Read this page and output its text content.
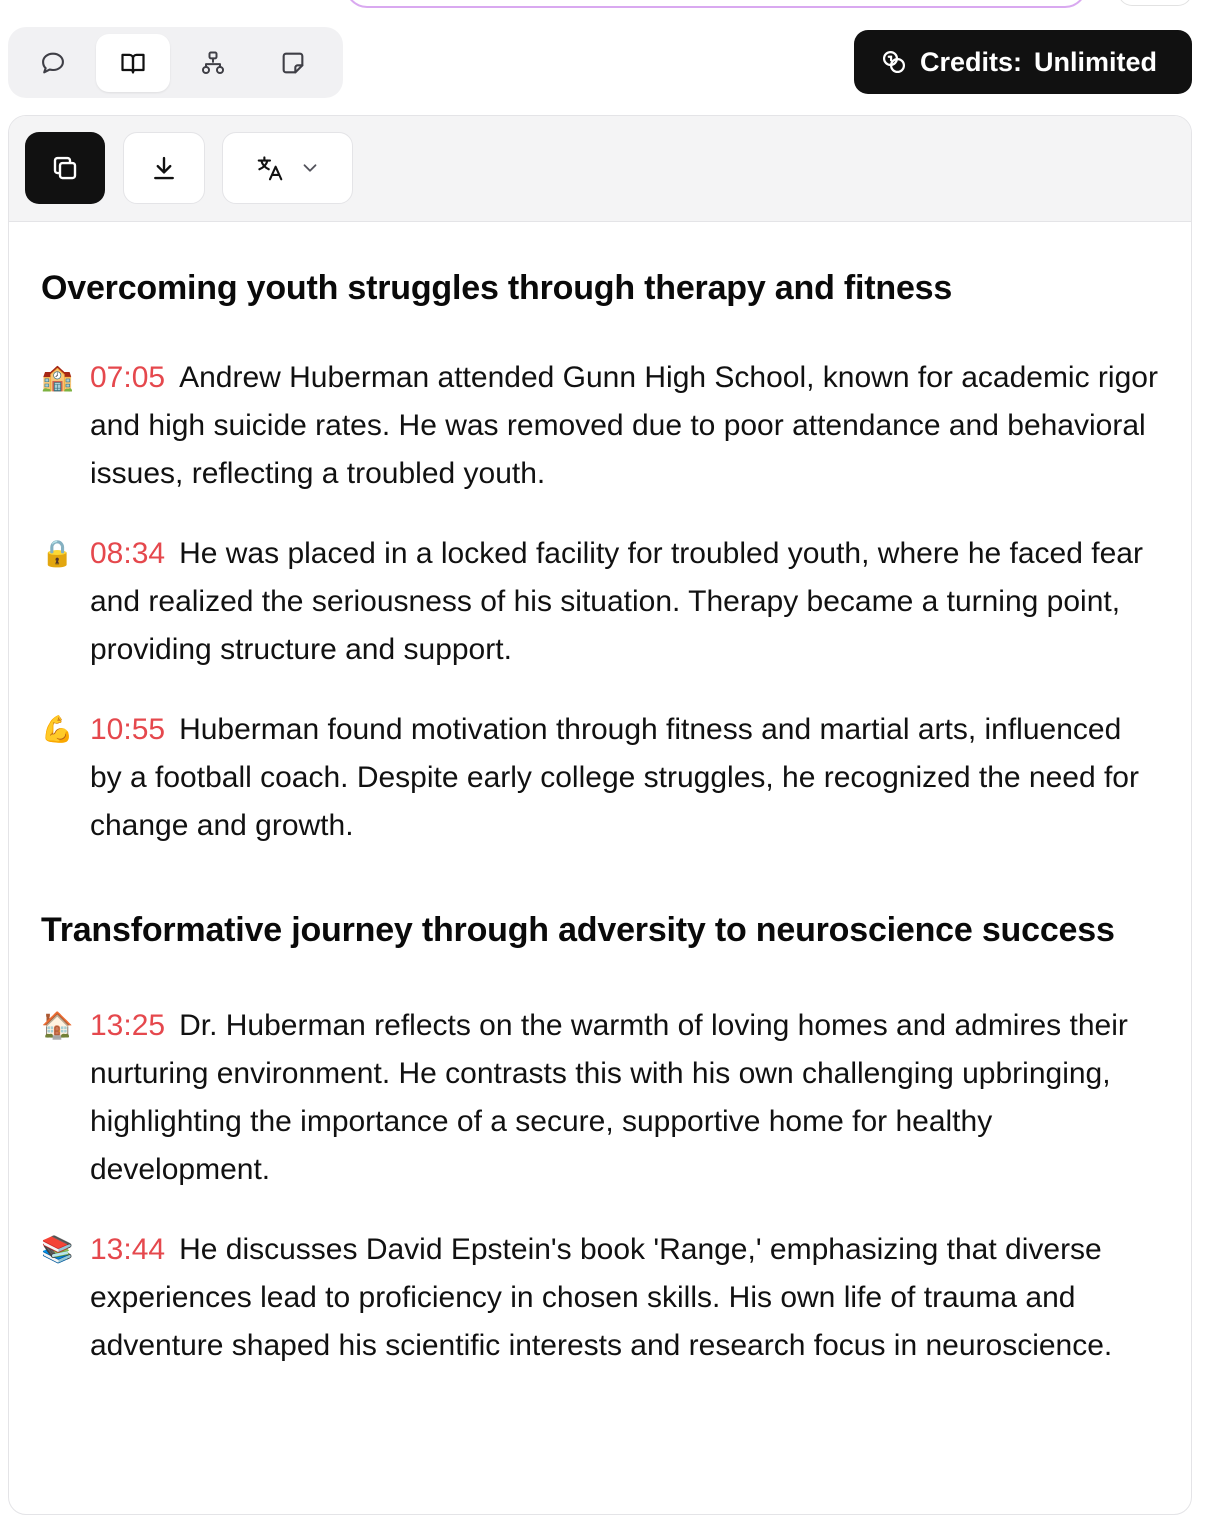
Credits: Unlimited
Overcoming youth struggles through therapy and fitness
🏫 07:05 Andrew Huberman attended Gunn High School, known for academic rigor and high suicide rates. He was removed due to poor attendance and behavioral issues, reflecting a troubled youth.
🔒 08:34 He was placed in a locked facility for troubled youth, where he faced fear and realized the seriousness of his situation. Therapy became a turning point, providing structure and support.
💪 10:55 Huberman found motivation through fitness and martial arts, influenced by a football coach. Despite early college struggles, he recognized the need for change and growth.
Transformative journey through adversity to neuroscience success
🏠 13:25 Dr. Huberman reflects on the warmth of loving homes and admires their nurturing environment. He contrasts this with his own challenging upbringing, highlighting the importance of a secure, supportive home for healthy development.
📚 13:44 He discusses David Epstein's book 'Range,' emphasizing that diverse experiences lead to proficiency in chosen skills. His own life of trauma and adventure shaped his scientific interests and research focus in neuroscience.
